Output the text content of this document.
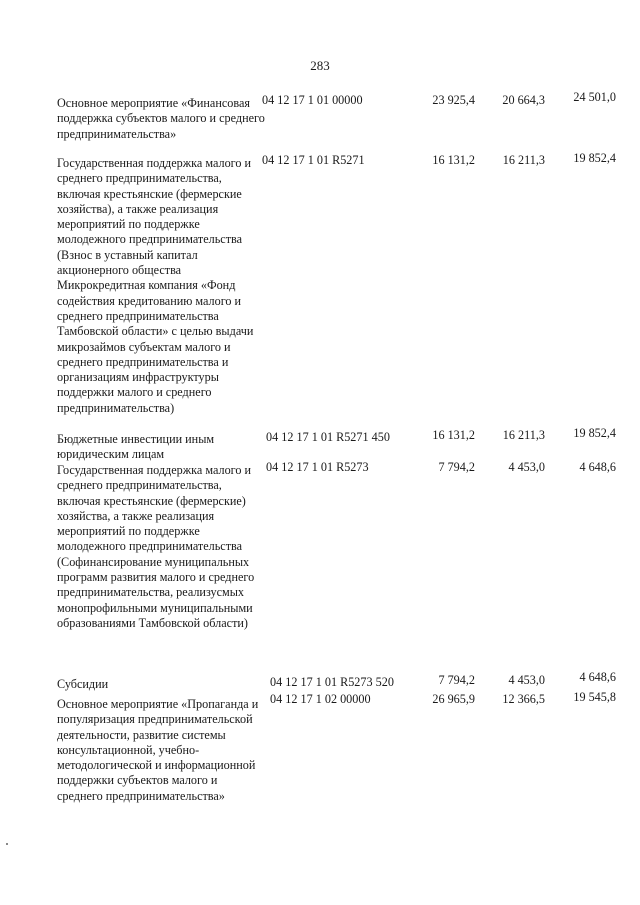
283
Основное мероприятие «Финансовая поддержка субъектов малого и среднего предпринимательства»
04 12 17 1 01 00000	23 925,4 20 664,3 24 501,0
Государственная поддержка малого и среднего предпринимательства, включая крестьянские (фермерские хозяйства), а также реализация мероприятий по поддержке молодежного предпринимательства (Взнос в уставный капитал акционерного общества Микрокредитная компания «Фонд содействия кредитованию малого и среднего предпринимательства Тамбовской области» с целью выдачи микрозаймов субъектам малого и среднего предпринимательства и организациям инфраструктуры поддержки малого и среднего предпринимательства)
04 12 17 1 01 R5271	16 131,2 16 211,3 19 852,4
Бюджетные инвестиции иным юридическим лицам
04 12 17 1 01 R5271 450	16 131,2 16 211,3 19 852,4
Государственная поддержка малого и среднего предпринимательства, включая крестьянские (фермерские) хозяйства, а также реализация мероприятий по поддержке молодежного предпринимательства (Софинансирование муниципальных программ развития малого и среднего предпринимательства, реализусмых монопрофильными муниципальными образованиями Тамбовской области)
04 12 17 1 01 R5273	7 794,2	4 453,0	4 648,6
Субсидии	04 12 17 1 01 R5273 520	7 794,2	4 453,0	4 648,6
Основное мероприятие «Пропаганда и популяризация предпринимательской деятельности, развитие системы консультационной, учебно-методологической и информационной поддержки субъектов малого и среднего предпринимательства»
04 12 17 1 02 00000	26 965,9 12 366,5 19 545,8
